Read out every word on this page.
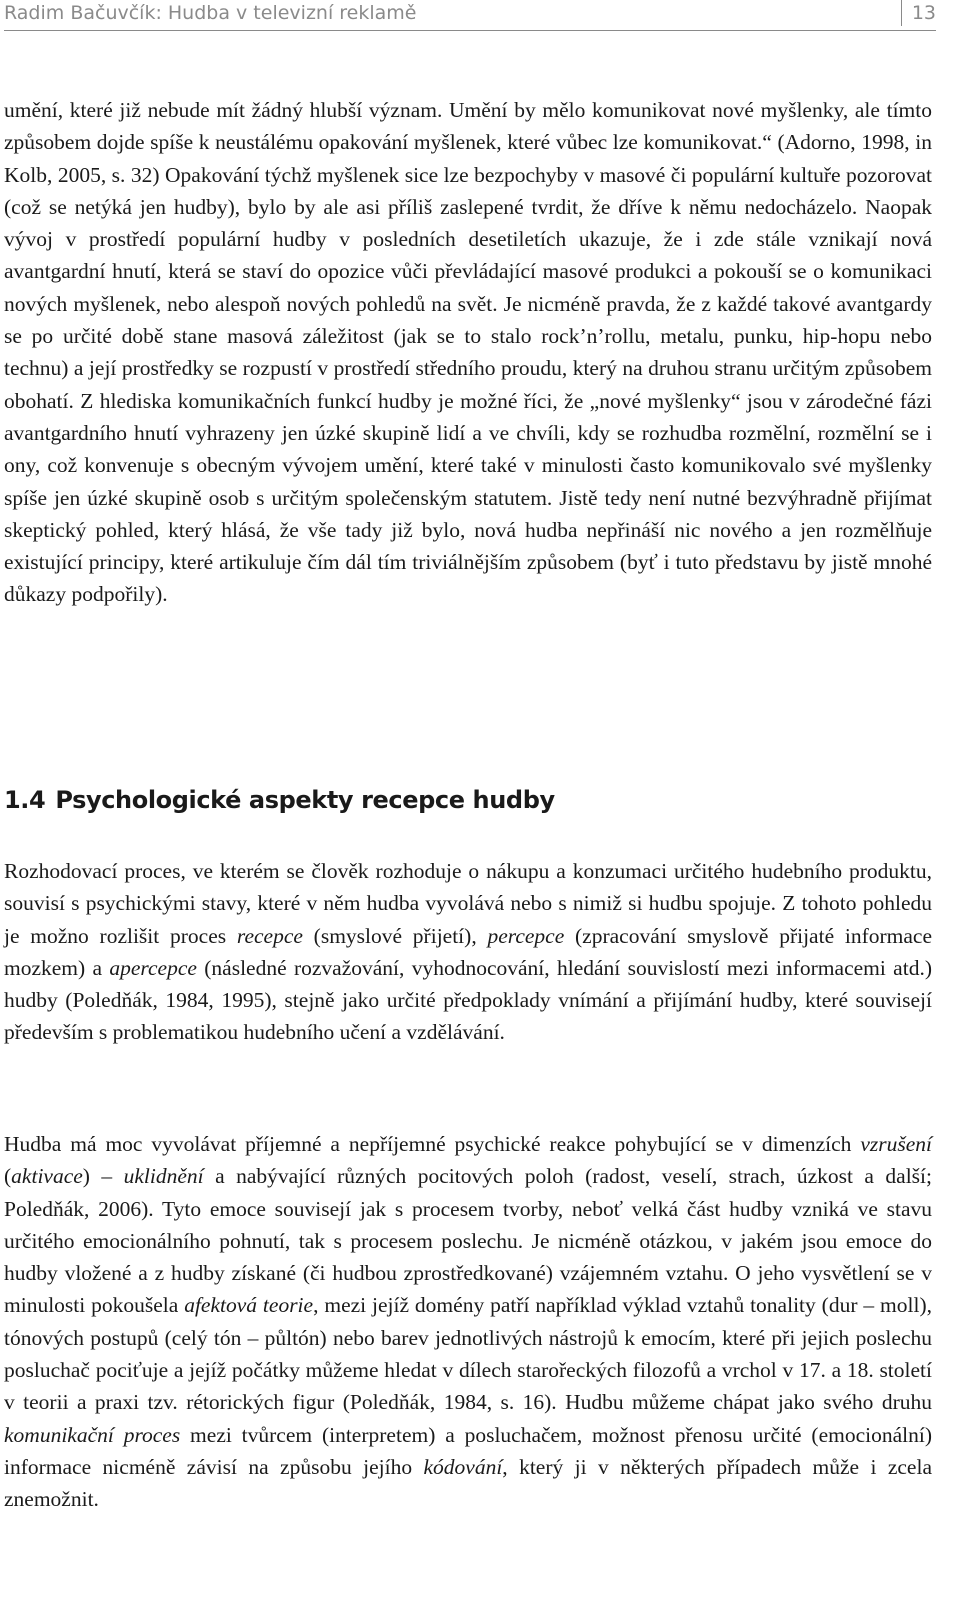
Radim Bačuvčík: Hudba v televizní reklamě	13

umění, které již nebude mít žádný hlubší význam. Umění by mělo komunikovat nové myšlenky, ale tímto způsobem dojde spíše k neustálému opakování myšlenek, které vůbec lze komunikovat.“ (Adorno, 1998, in Kolb, 2005, s. 32) Opakování týchž myšlenek sice lze bezpochyby v masové či populární kultuře pozorovat (což se netýká jen hudby), bylo by ale asi příliš zaslepené tvrdit, že dříve k němu nedocházelo. Naopak vývoj v prostředí populární hudby v posledních desetiletích ukazuje, že i zde stále vznikají nová avantgardní hnutí, která se staví do opozice vůči převládající masové produkci a pokouší se o komunikaci nových myšlenek, nebo alespoň nových pohledů na svět. Je nicméně pravda, že z každé takové avantgardy se po určité době stane masová záležitost (jak se to stalo rock’n’rollu, metalu, punku, hip-hopu nebo technu) a její prostředky se rozpustí v prostředí středního proudu, který na druhou stranu určitým způsobem obohatí. Z hlediska komunikačních funkcí hudby je možné říci, že „nové myšlenky“ jsou v zárodečné fázi avantgardního hnutí vyhrazeny jen úzké skupině lidí a ve chvíli, kdy se rozhudba rozmělní, rozmělní se i ony, což konvenuje s obecným vývojem umění, které také v minulosti často komunikovalo své myšlenky spíše jen úzké skupině osob s určitým společenským statutem. Jistě tedy není nutné bezvýhradně přijímat skeptický pohled, který hlásá, že vše tady již bylo, nová hudba nepřináší nic nového a jen rozmělňuje existující principy, které artikuluje čím dál tím triviálnějším způsobem (byť i tuto představu by jistě mnohé důkazy podpořily).

1.4 Psychologické aspekty recepce hudby

Rozhodovací proces, ve kterém se člověk rozhoduje o nákupu a konzumaci určitého hudebního produktu, souvisí s psychickými stavy, které v něm hudba vyvolává nebo s nimiž si hudbu spojuje. Z tohoto pohledu je možno rozlišit proces recepce (smyslové přijetí), percepce (zpracování smyslově přijaté informace mozkem) a apercepce (následné rozvažování, vyhodnocování, hledání souvislostí mezi informacemi atd.) hudby (Poledňák, 1984, 1995), stejně jako určité předpoklady vnímání a přijímání hudby, které souvisejí především s problematikou hudebního učení a vzdělávání.

Hudba má moc vyvolávat příjemné a nepříjemné psychické reakce pohybující se v dimenzích vzrušení (aktivace) – uklidnění a nabývající různých pocitových poloh (radost, veselí, strach, úzkost a další; Poledňák, 2006). Tyto emoce souvisejí jak s procesem tvorby, neboť velká část hudby vzniká ve stavu určitého emocionálního pohnutí, tak s procesem poslechu. Je nicméně otázkou, v jakém jsou emoce do hudby vložené a z hudby získané (či hudbou zprostředkované) vzájemném vztahu. O jeho vysvětlení se v minulosti pokoušela afektová teorie, mezi jejíž domény patří například výklad vztahů tonality (dur – moll), tónových postupů (celý tón – půltón) nebo barev jednotlivých nástrojů k emocím, které při jejich poslechu posluchač pociťuje a jejíž počátky můžeme hledat v dílech starořeckých filozofů a vrchol v 17. a 18. století v teorii a praxi tzv. rétorických figur (Poledňák, 1984, s. 16). Hudbu můžeme chápat jako svého druhu komunikační proces mezi tvůrcem (interpretem) a posluchačem, možnost přenosu určité (emocionální) informace nicméně závisí na způsobu jejího kódování, který ji v některých případech může i zcela znemožnit.
